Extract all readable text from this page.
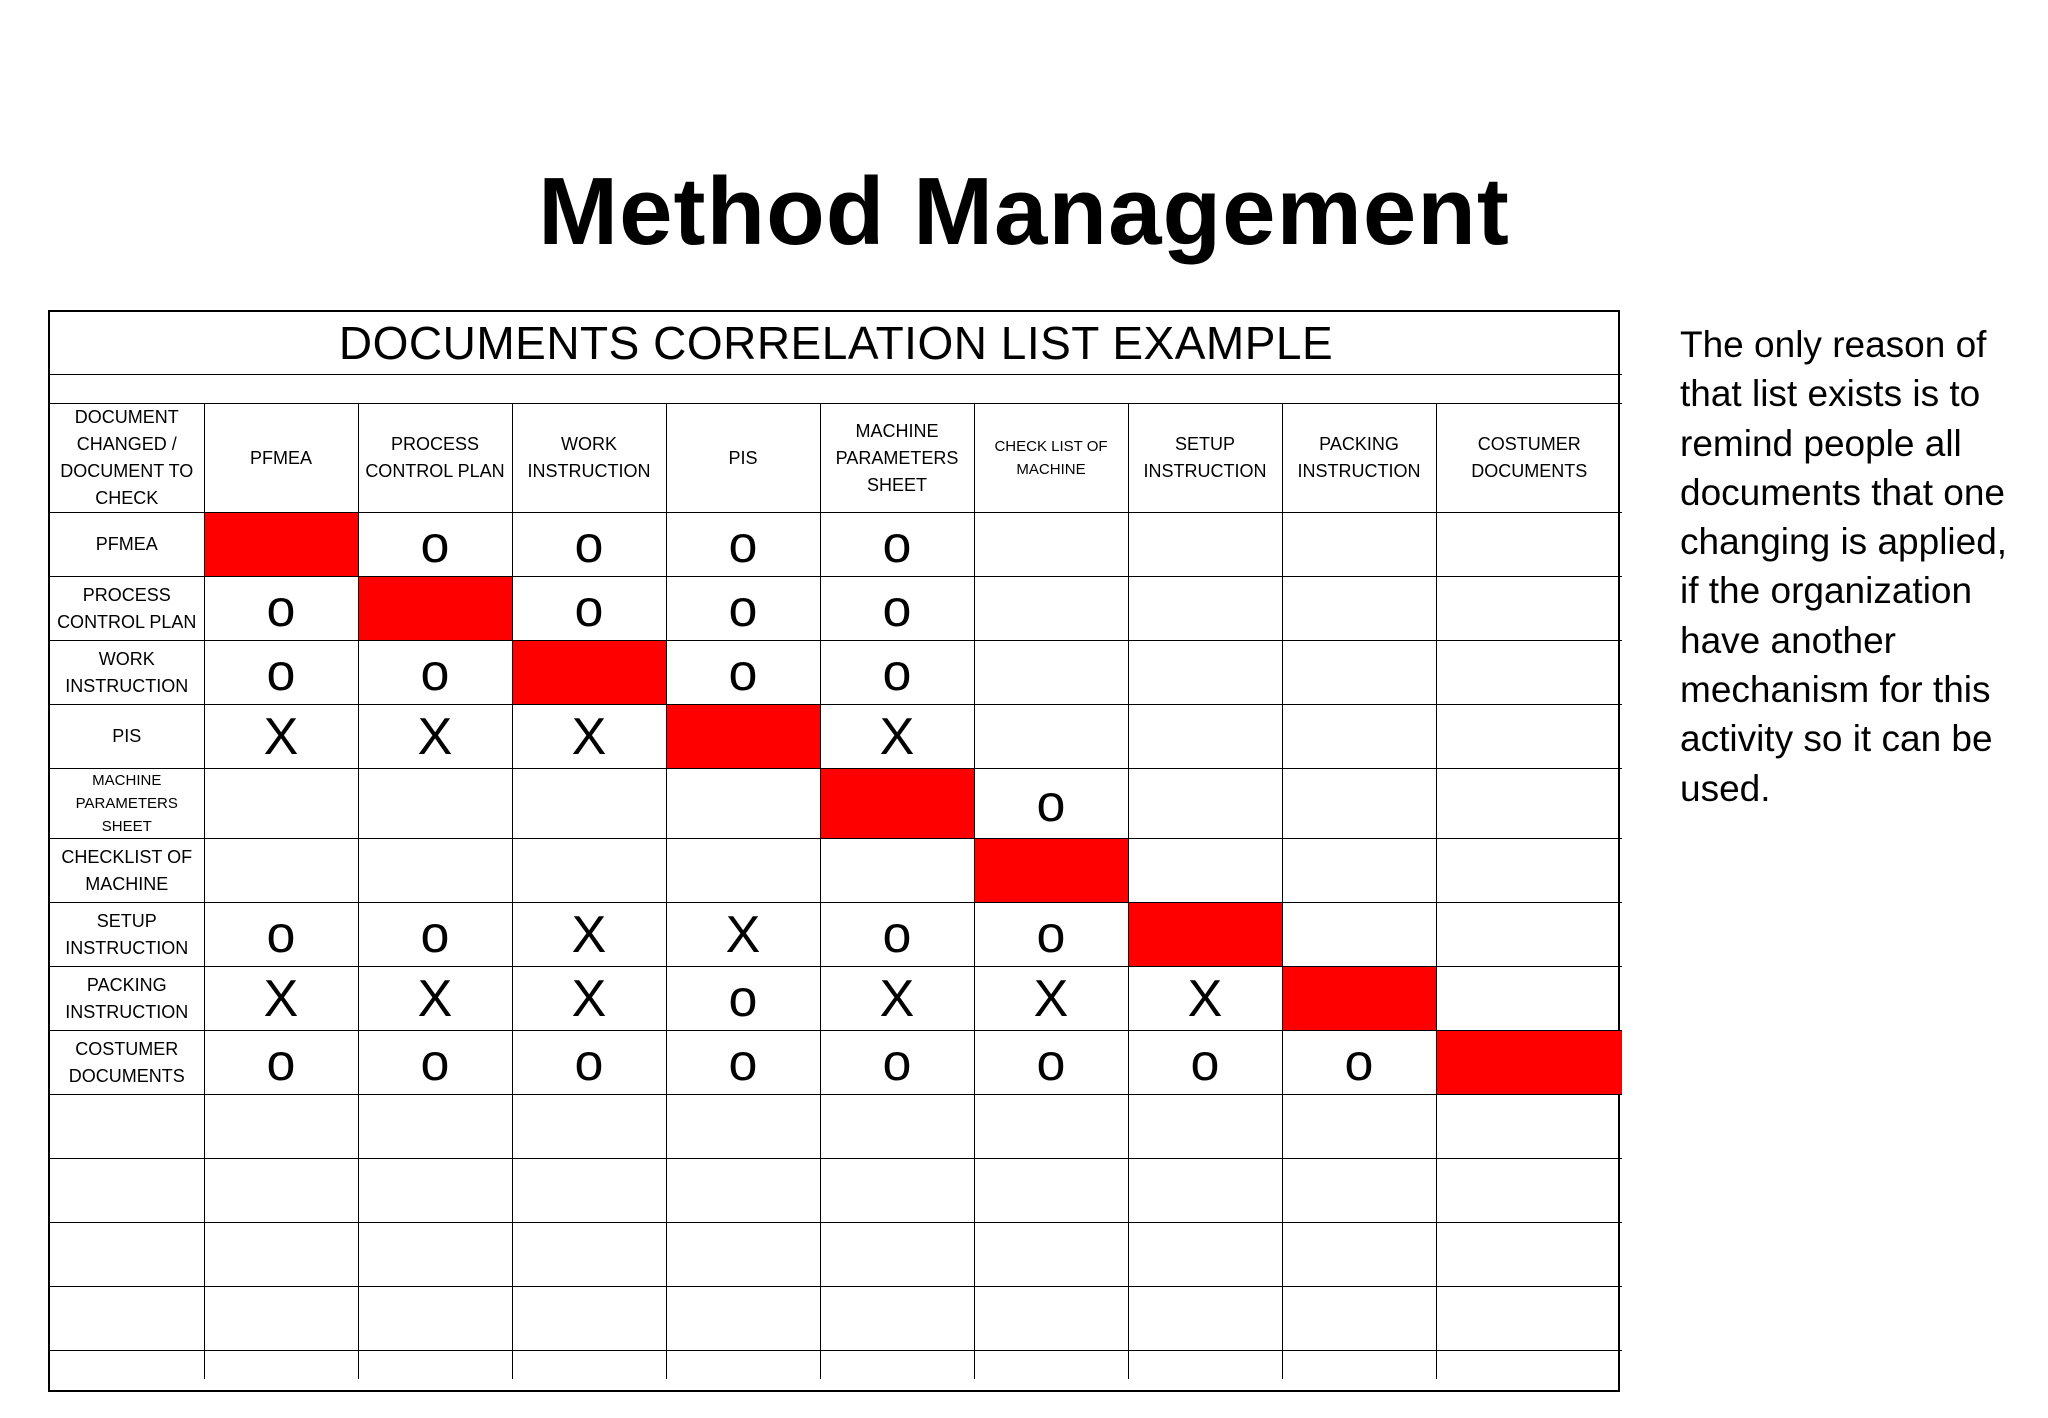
Method Management
DOCUMENTS CORRELATION LIST EXAMPLE									

DOCUMENT CHANGED / DOCUMENT TO CHECK	PFMEA	PROCESS CONTROL PLAN	WORK INSTRUCTION	PIS	MACHINE PARAMETERS SHEET	CHECK LIST OF MACHINE	SETUP INSTRUCTION	PACKING INSTRUCTION	COSTUMER DOCUMENTS
PFMEA		o	o	o	o				
PROCESS CONTROL PLAN	o		o	o	o				
WORK INSTRUCTION	o	o		o	o				
PIS	X	X	X		X				
MACHINE PARAMETERS SHEET						o			
CHECKLIST OF MACHINE									
SETUP INSTRUCTION	o	o	X	X	o	o			
PACKING INSTRUCTION	X	X	X	o	X	X	X		
COSTUMER DOCUMENTS	o	o	o	o	o	o	o	o	

The only reason of that list exists is to remind people all documents that one changing is applied, if the organization have another mechanism for this activity so it can be used.
